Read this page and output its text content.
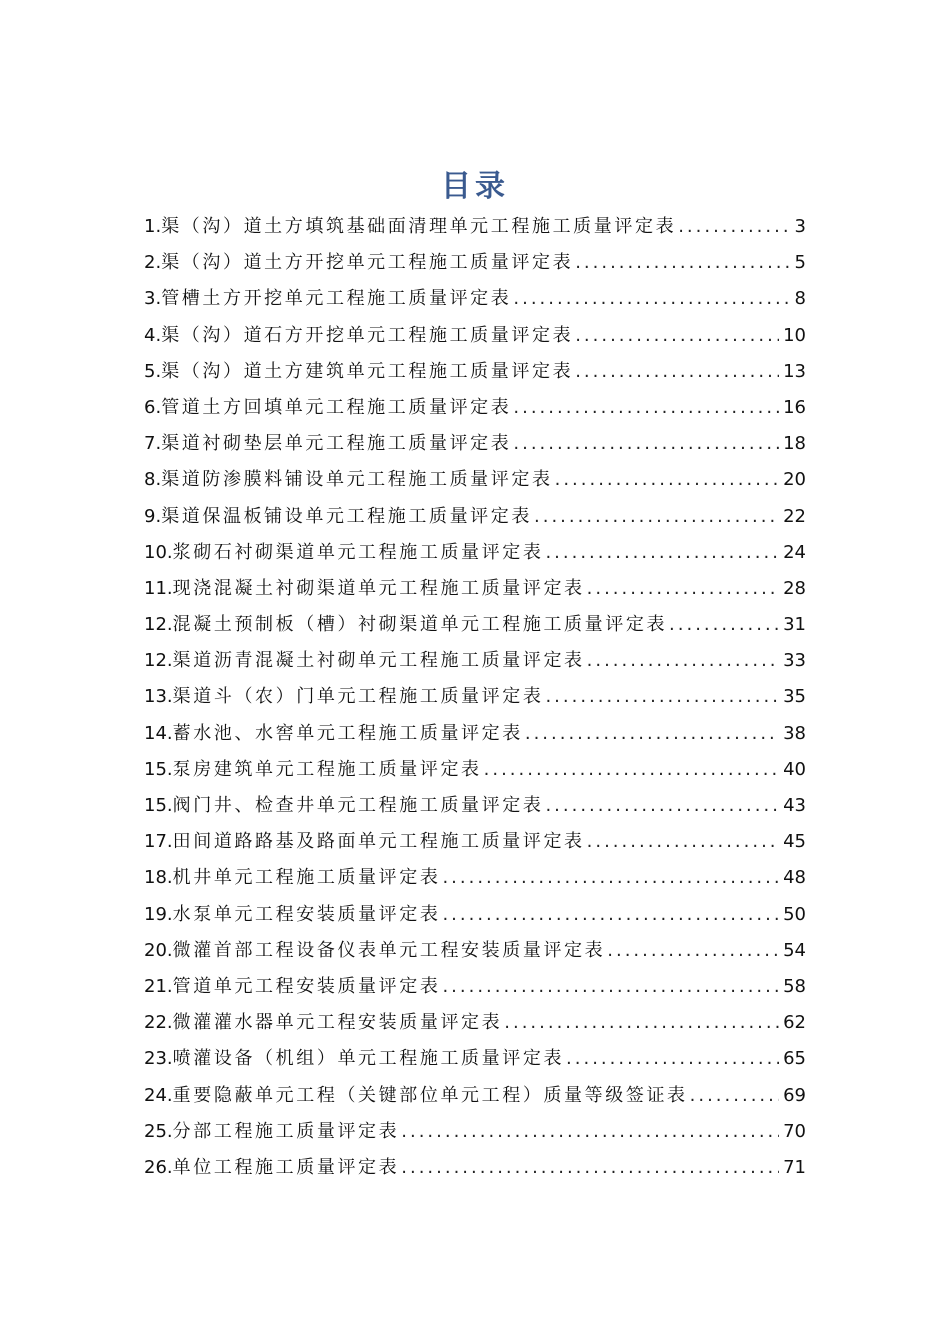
目录
1. 渠（沟）道土方填筑基础面清理单元工程施工质量评定表 .....	3
2. 渠（沟）道土方开挖单元工程施工质量评定表 .....	5
3. 管槽土方开挖单元工程施工质量评定表 .....	8
4. 渠（沟）道石方开挖单元工程施工质量评定表 .....	10
5. 渠（沟）道土方建筑单元工程施工质量评定表 .....	13
6. 管道土方回填单元工程施工质量评定表 .....	16
7. 渠道衬砌垫层单元工程施工质量评定表 .....	18
8. 渠道防渗膜料铺设单元工程施工质量评定表 .....	20
9. 渠道保温板铺设单元工程施工质量评定表 .....	22
10. 浆砌石衬砌渠道单元工程施工质量评定表 .....	24
11. 现浇混凝土衬砌渠道单元工程施工质量评定表 .....	28
12. 混凝土预制板（槽）衬砌渠道单元工程施工质量评定表 .....	31
12. 渠道沥青混凝土衬砌单元工程施工质量评定表 .....	33
13. 渠道斗（农）门单元工程施工质量评定表 .....	35
14. 蓄水池、水窖单元工程施工质量评定表 .....	38
15. 泵房建筑单元工程施工质量评定表 .....	40
15. 阀门井、检查井单元工程施工质量评定表 .....	43
17. 田间道路路基及路面单元工程施工质量评定表 .....	45
18. 机井单元工程施工质量评定表 .....	48
19. 水泵单元工程安装质量评定表 .....	50
20. 微灌首部工程设备仪表单元工程安装质量评定表 .....	54
21. 管道单元工程安装质量评定表 .....	58
22. 微灌灌水器单元工程安装质量评定表 .....	62
23. 喷灌设备（机组）单元工程施工质量评定表 .....	65
24. 重要隐蔽单元工程（关键部位单元工程）质量等级签证表 .....	69
25. 分部工程施工质量评定表 .....	70
26. 单位工程施工质量评定表 .....	71
